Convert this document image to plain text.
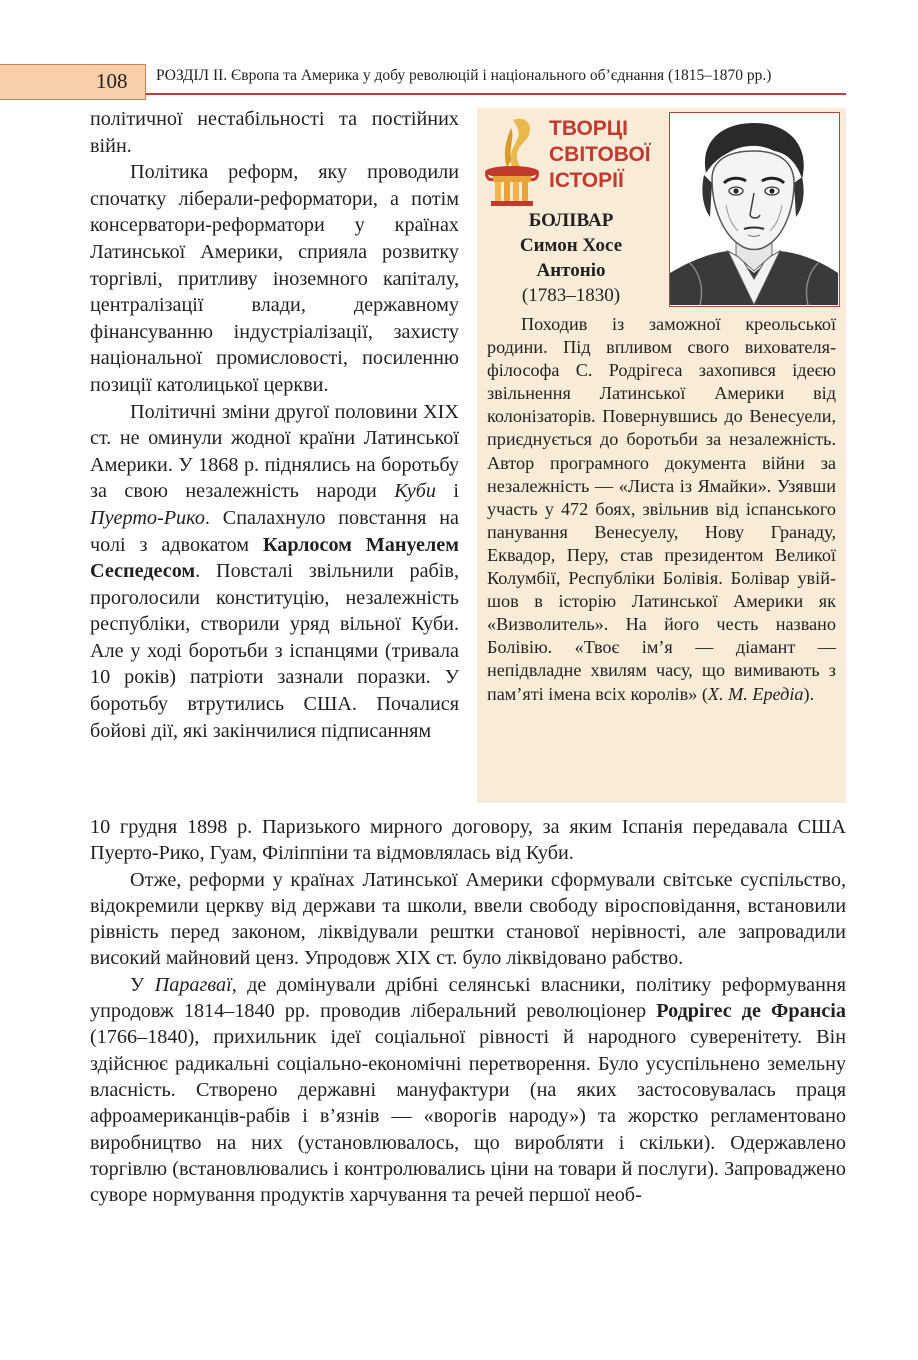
108 РОЗДІЛ ІІ. Європа та Америка у добу революцій і національного об’єднання (1815–1870 рр.)

політичної нестабільності та постійних війн.

Політика реформ, яку проводили спочатку ліберали-реформатори, а потім консерватори-реформатори у країнах Латинської Америки, сприяла розвитку торгівлі, притливу іноземного капіталу, централізації влади, державному фінансуванню індустріалізації, захисту національної промисловості, посиленню позиції католицької церкви.

Політичні зміни другої половини XIX ст. не оминули жодної країни Латинської Америки. У 1868 р. піднялись на боротьбу за свою незалежність народи Куби і Пуерто-Рико. Спалахнуло повстання на чолі з адвокатом Карлосом Мануелем Сеспедесом. Повсталі звільнили рабів, проголосили конституцію, незалежність республіки, створили уряд вільної Куби. Але у ході боротьби з іспанцями (тривала 10 років) патріоти зазнали поразки. У боротьбу втрутились США. Почалися бойові дії, які закінчилися підписанням

ТВОРЦІ
СВІТОВОЇ
ІСТОРІЇ
БОЛІВАР
Симон Хосе
Антоніо
(1783–1830)

Походив із заможної креольської родини. Під впливом свого вихователя-філософа С. Родрігеса захопився ідеєю звільнення Латинської Америки від колонізаторів. Повернувшись до Венесуели, приєднується до боротьби за незалежність. Автор програмного документа війни за незалежність — «Листа із Ямайки». Узявши участь у 472 боях, звільнив від іспанського панування Венесуелу, Нову Гранаду, Еквадор, Перу, став президентом Великої Колумбії, Республіки Болівія. Болівар увійшов в історію Латинської Америки як «Визволитель». На його честь названо Болівію. «Твоє ім’я — діамант — непідвладне хвилям часу, що вимивають з пам’яті імена всіх королів» (Х. М. Ередіа).

10 грудня 1898 р. Паризького мирного договору, за яким Іспанія передавала США Пуерто-Рико, Гуам, Філіппіни та відмовлялась від Куби.

Отже, реформи у країнах Латинської Америки сформували світське суспільство, відокремили церкву від держави та школи, ввели свободу віросповідання, встановили рівність перед законом, ліквідували рештки станової нерівності, але запровадили високий майновий ценз. Упродовж XIX ст. було ліквідовано рабство.

У Парагваї, де домінували дрібні селянські власники, політику реформування упродовж 1814–1840 рр. проводив ліберальний революціонер Родрігес де Франсіа (1766–1840), прихильник ідеї соціальної рівності й народного суверенітету. Він здійснює радикальні соціально-економічні перетворення. Було усуспільнено земельну власність. Створено державні мануфактури (на яких застосовувалась праця афроамериканців-рабів і в’язнів — «ворогів народу») та жорстко регламентовано виробництво на них (установлювалось, що виробляти і скільки). Одержавлено торгівлю (встановлювались і контролювались ціни на товари й послуги). Запроваджено суворе нормування продуктів харчування та речей першої необ-
